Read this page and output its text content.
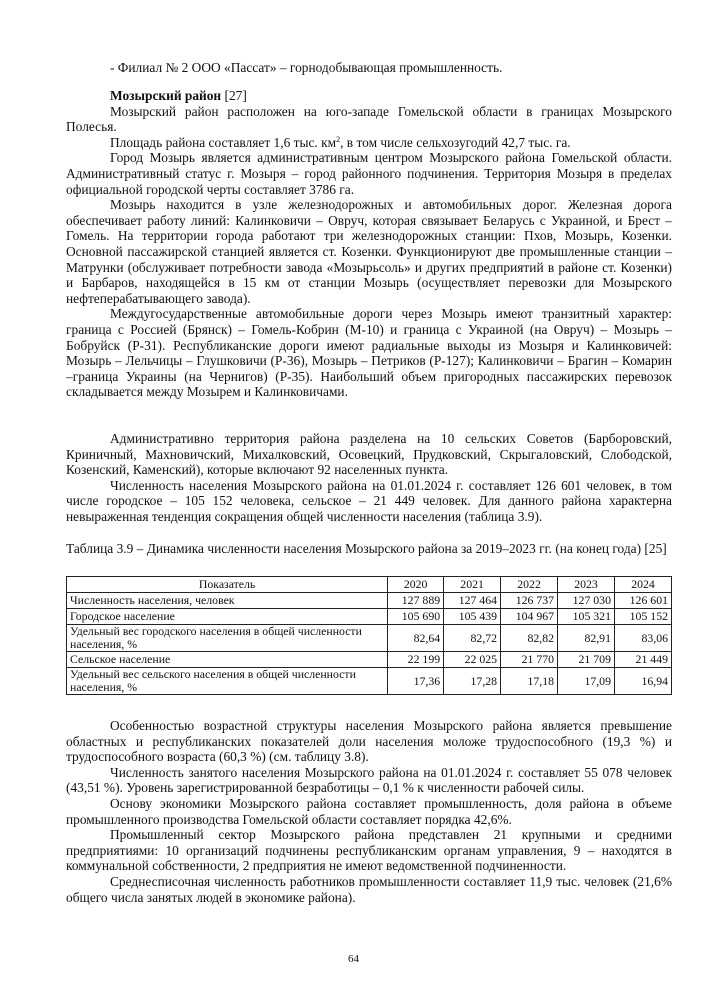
- Филиал № 2 ООО «Пассат» – горнодобывающая промышленность.

Мозырский район [27]

Мозырский район расположен на юго-западе Гомельской области в границах Мозырского Полесья.

Площадь района составляет 1,6 тыс. $км^2$, в том числе сельхозугодий 42,7 тыс. га.

Город Мозырь является административным центром Мозырского района Гомельской области. Административный статус г. Мозыря – город районного подчинения. Территория Мозыря в пределах официальной городской черты составляет 3786 га.

Мозырь находится в узле железнодорожных и автомобильных дорог. Железная дорога обеспечивает работу линий: Калинковичи – Овруч, которая связывает Беларусь с Украиной, и Брест – Гомель. На территории города работают три железнодорожных станции: Пхов, Мозырь, Козенки. Основной пассажирской станцией является ст. Козенки. Функционируют две промышленные станции – Матрунки (обслуживает потребности завода «Мозырьсоль» и других предприятий в районе ст. Козенки) и Барбаров, находящейся в 15 км от станции Мозырь (осуществляет перевозки для Мозырского нефтеперабатывающего завода).

Междугосударственные автомобильные дороги через Мозырь имеют транзитный характер: граница с Россией (Брянск) – Гомель-Кобрин (М-10) и граница с Украиной (на Овруч) – Мозырь – Бобруйск (Р-31). Республиканские дороги имеют радиальные выходы из Мозыря и Калинковичей: Мозырь – Лельчицы – Глушковичи (Р-36), Мозырь – Петриков (Р-127); Калинковичи – Брагин – Комарин –граница Украины (на Чернигов) (Р-35). Наибольший объем пригородных пассажирских перевозок складывается между Мозырем и Калинковичами.

Административно территория района разделена на 10 сельских Советов (Барборовский, Криничный, Махновичский, Михалковский, Осовецкий, Прудковский, Скрыгаловский, Слободской, Козенский, Каменский), которые включают 92 населенных пункта.

Численность населения Мозырского района на 01.01.2024 г. составляет 126 601 человек, в том числе городское – 105 152 человека, сельское – 21 449 человек. Для данного района характерна невыраженная тенденция сокращения общей численности населения (таблица 3.9).

Таблица 3.9 – Динамика численности населения Мозырского района за 2019–2023 гг. (на конец года) [25]

Показатель	2020	2021	2022	2023	2024
Численность населения, человек	127 889	127 464	126 737	127 030	126 601
Городское население	105 690	105 439	104 967	105 321	105 152
Удельный вес городского населения в общей численности населения, %	82,64	82,72	82,82	82,91	83,06
Сельское население	22 199	22 025	21 770	21 709	21 449
Удельный вес сельского населения в общей численности населения, %	17,36	17,28	17,18	17,09	16,94

Особенностью возрастной структуры населения Мозырского района является превышение областных и республиканских показателей доли населения моложе трудоспособного (19,3 %) и трудоспособного возраста (60,3 %) (см. таблицу 3.8).

Численность занятого населения Мозырского района на 01.01.2024 г. составляет 55 078 человек (43,51 %). Уровень зарегистрированной безработицы – 0,1 % к численности рабочей силы.

Основу экономики Мозырского района составляет промышленность, доля района в объеме промышленного производства Гомельской области составляет порядка 42,6%.

Промышленный сектор Мозырского района представлен 21 крупными и средними предприятиями: 10 организаций подчинены республиканским органам управления, 9 – находятся в коммунальной собственности, 2 предприятия не имеют ведомственной подчиненности.

Среднесписочная численность работников промышленности составляет 11,9 тыс. человек (21,6% общего числа занятых людей в экономике района).

64
